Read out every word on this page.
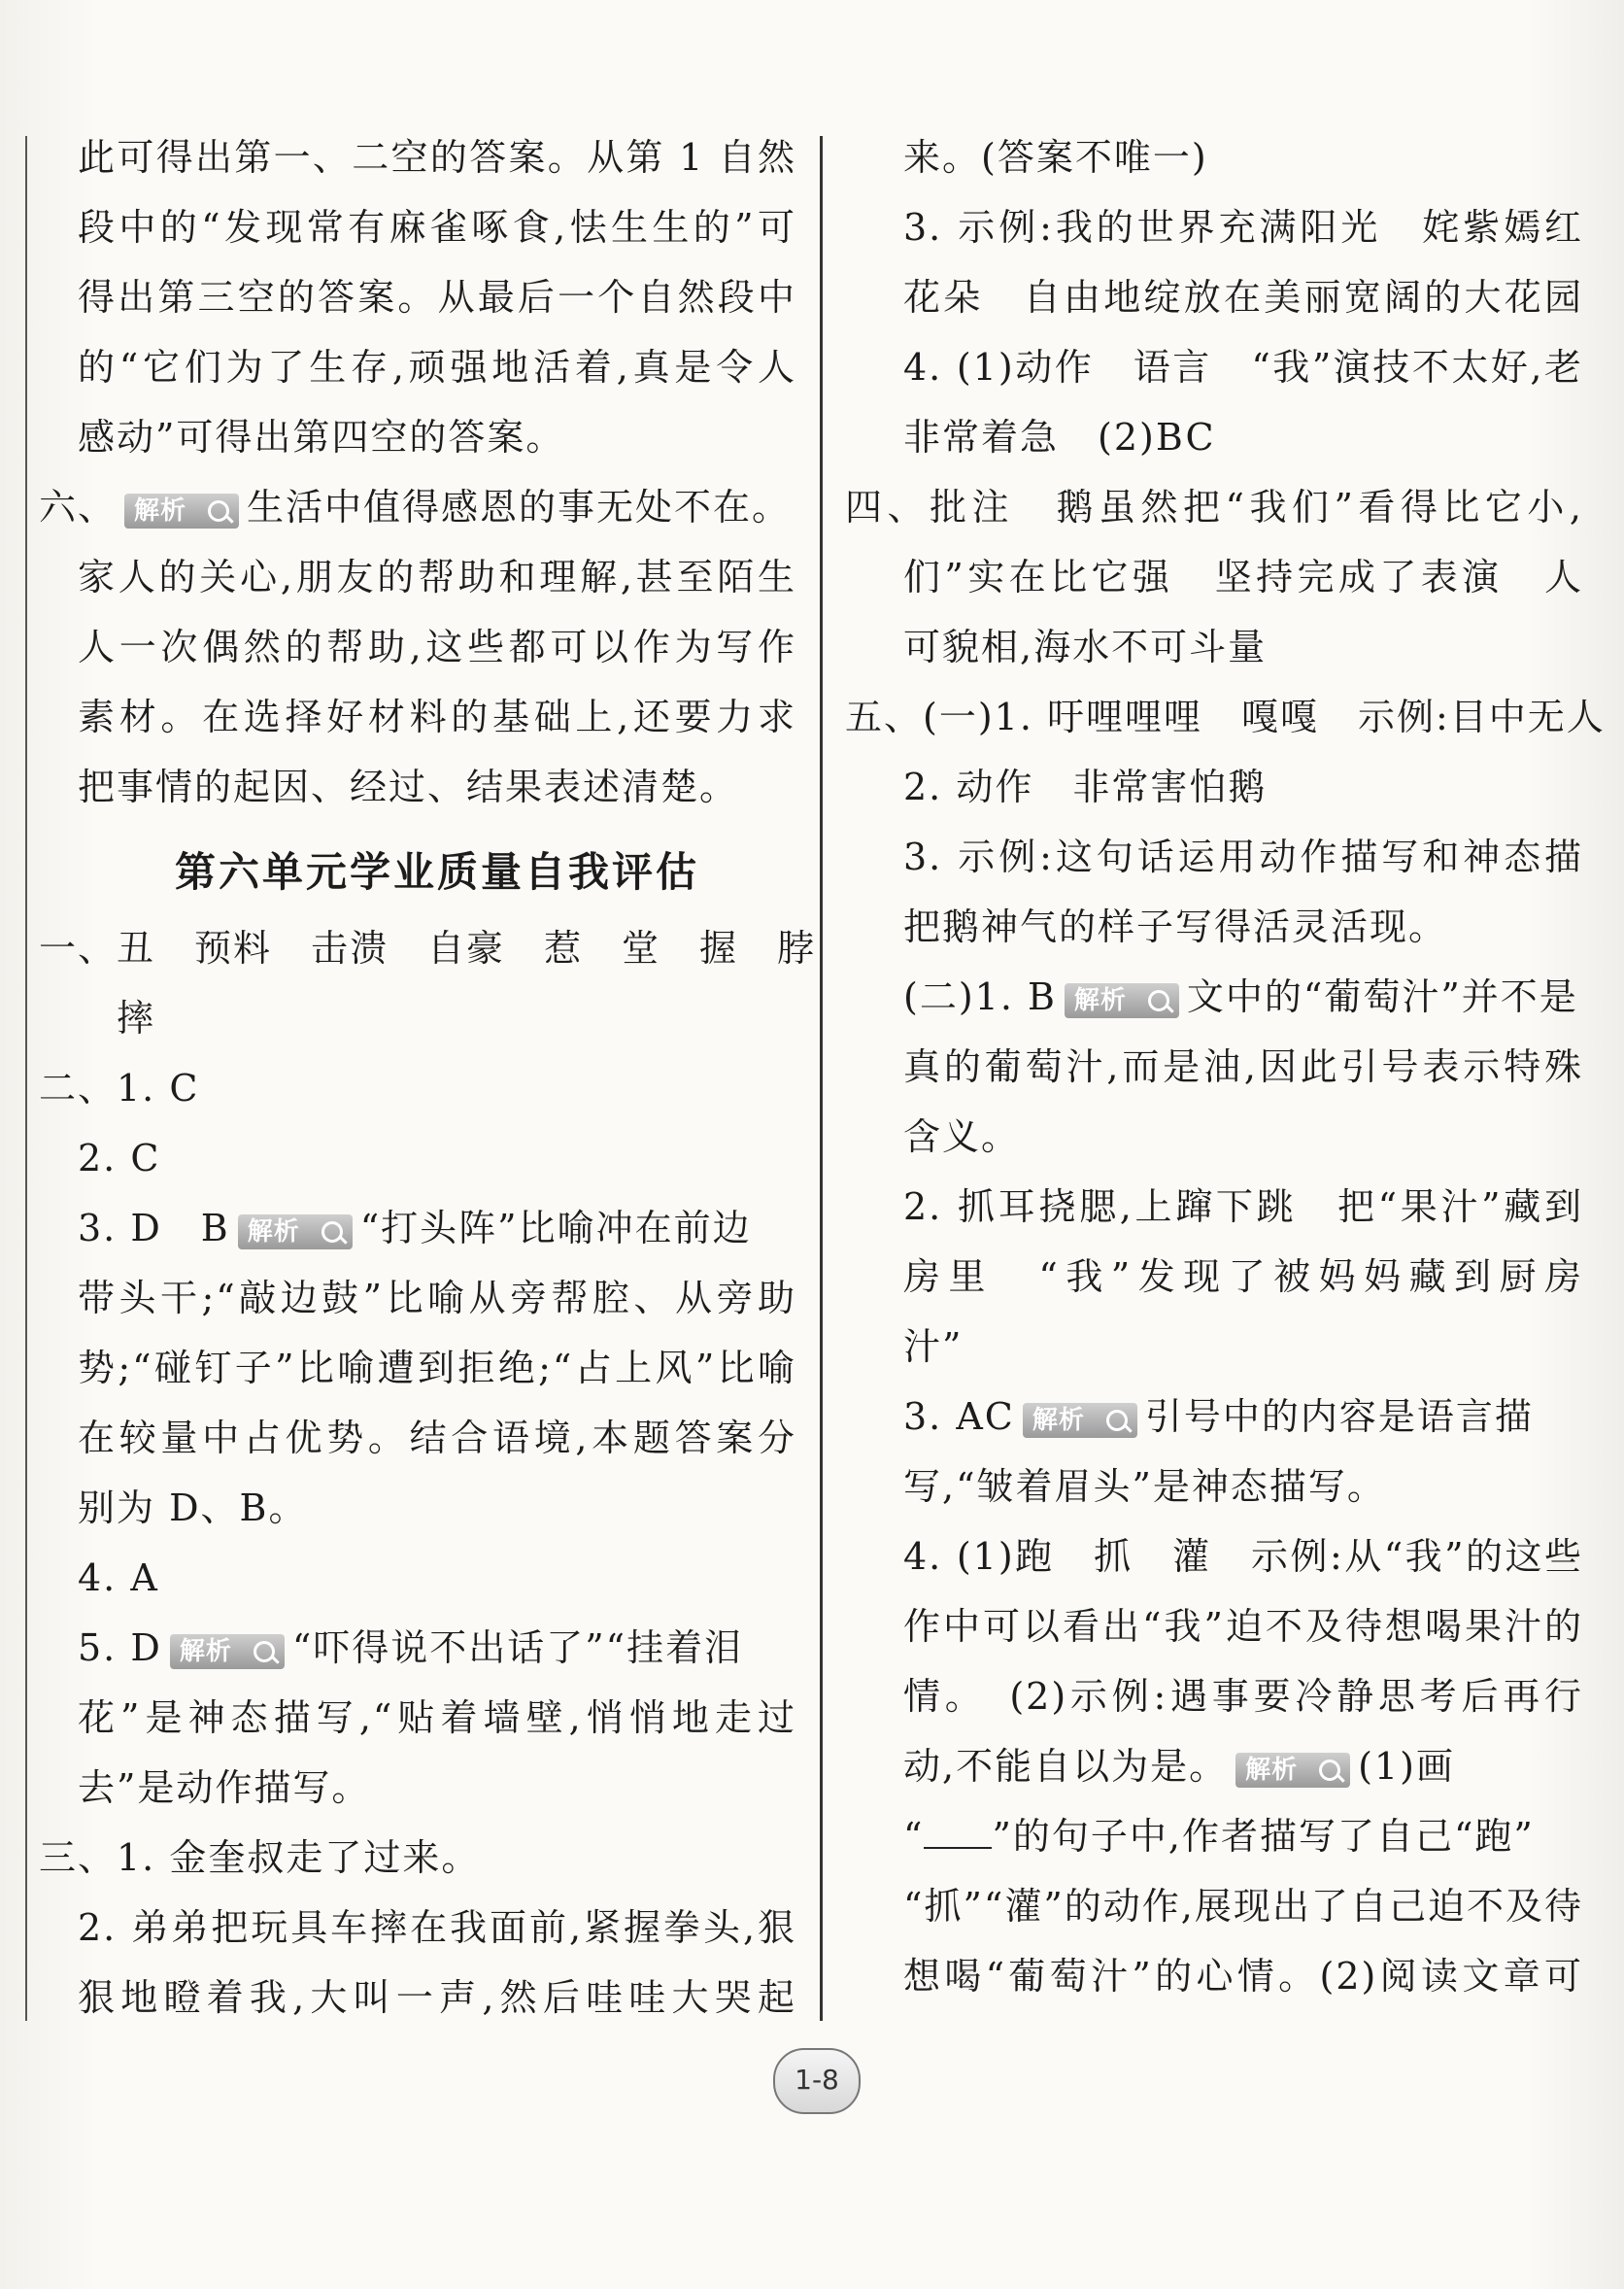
此可得出第一、二空的答案。从第 1 自然
段中的“发现常有麻雀啄食,怯生生的”可
得出第三空的答案。从最后一个自然段中
的“它们为了生存,顽强地活着,真是令人
感动”可得出第四空的答案。
六、 解析 生活中值得感恩的事无处不在。
家人的关心,朋友的帮助和理解,甚至陌生
人一次偶然的帮助,这些都可以作为写作
素材。在选择好材料的基础上,还要力求
把事情的起因、经过、结果表述清楚。
第六单元学业质量自我评估
一、丑　预料　击溃　自豪　惹　堂　握　脖
摔
二、1. C
2. C
3. D　B 解析 “打头阵”比喻冲在前边
带头干;“敲边鼓”比喻从旁帮腔、从旁助
势;“碰钉子”比喻遭到拒绝;“占上风”比喻
在较量中占优势。结合语境,本题答案分
别为 D、B。
4. A
5. D 解析 “吓得说不出话了”“挂着泪
花”是神态描写,“贴着墙壁,悄悄地走过
去”是动作描写。
三、1. 金奎叔走了过来。
2. 弟弟把玩具车摔在我面前,紧握拳头,狠
狠地瞪着我,大叫一声,然后哇哇大哭起
来。(答案不唯一)
3. 示例:我的世界充满阳光　姹紫嫣红
花朵　自由地绽放在美丽宽阔的大花园
4. (1)动作　语言　“我”演技不太好,老
非常着急　(2)BC
四、批注　鹅虽然把“我们”看得比它小,
们”实在比它强　坚持完成了表演　人
可貌相,海水不可斗量
五、(一)1. 吁哩哩哩　嘎嘎　示例:目中无人
2. 动作　非常害怕鹅
3. 示例:这句话运用动作描写和神态描
把鹅神气的样子写得活灵活现。
(二)1. B 解析 文中的“葡萄汁”并不是
真的葡萄汁,而是油,因此引号表示特殊
含义。
2. 抓耳挠腮,上蹿下跳　把“果汁”藏到
房里　“我”发现了被妈妈藏到厨房
汁”
3. AC 解析 引号中的内容是语言描
写,“皱着眉头”是神态描写。
4. (1)跑　抓　灌　示例:从“我”的这些
作中可以看出“我”迫不及待想喝果汁的
情。　(2)示例:遇事要冷静思考后再行
动,不能自以为是。 解析 (1)画
“ ”的句子中,作者描写了自己“跑”
“抓”“灌”的动作,展现出了自己迫不及待
想喝“葡萄汁”的心情。(2)阅读文章可
1-8
